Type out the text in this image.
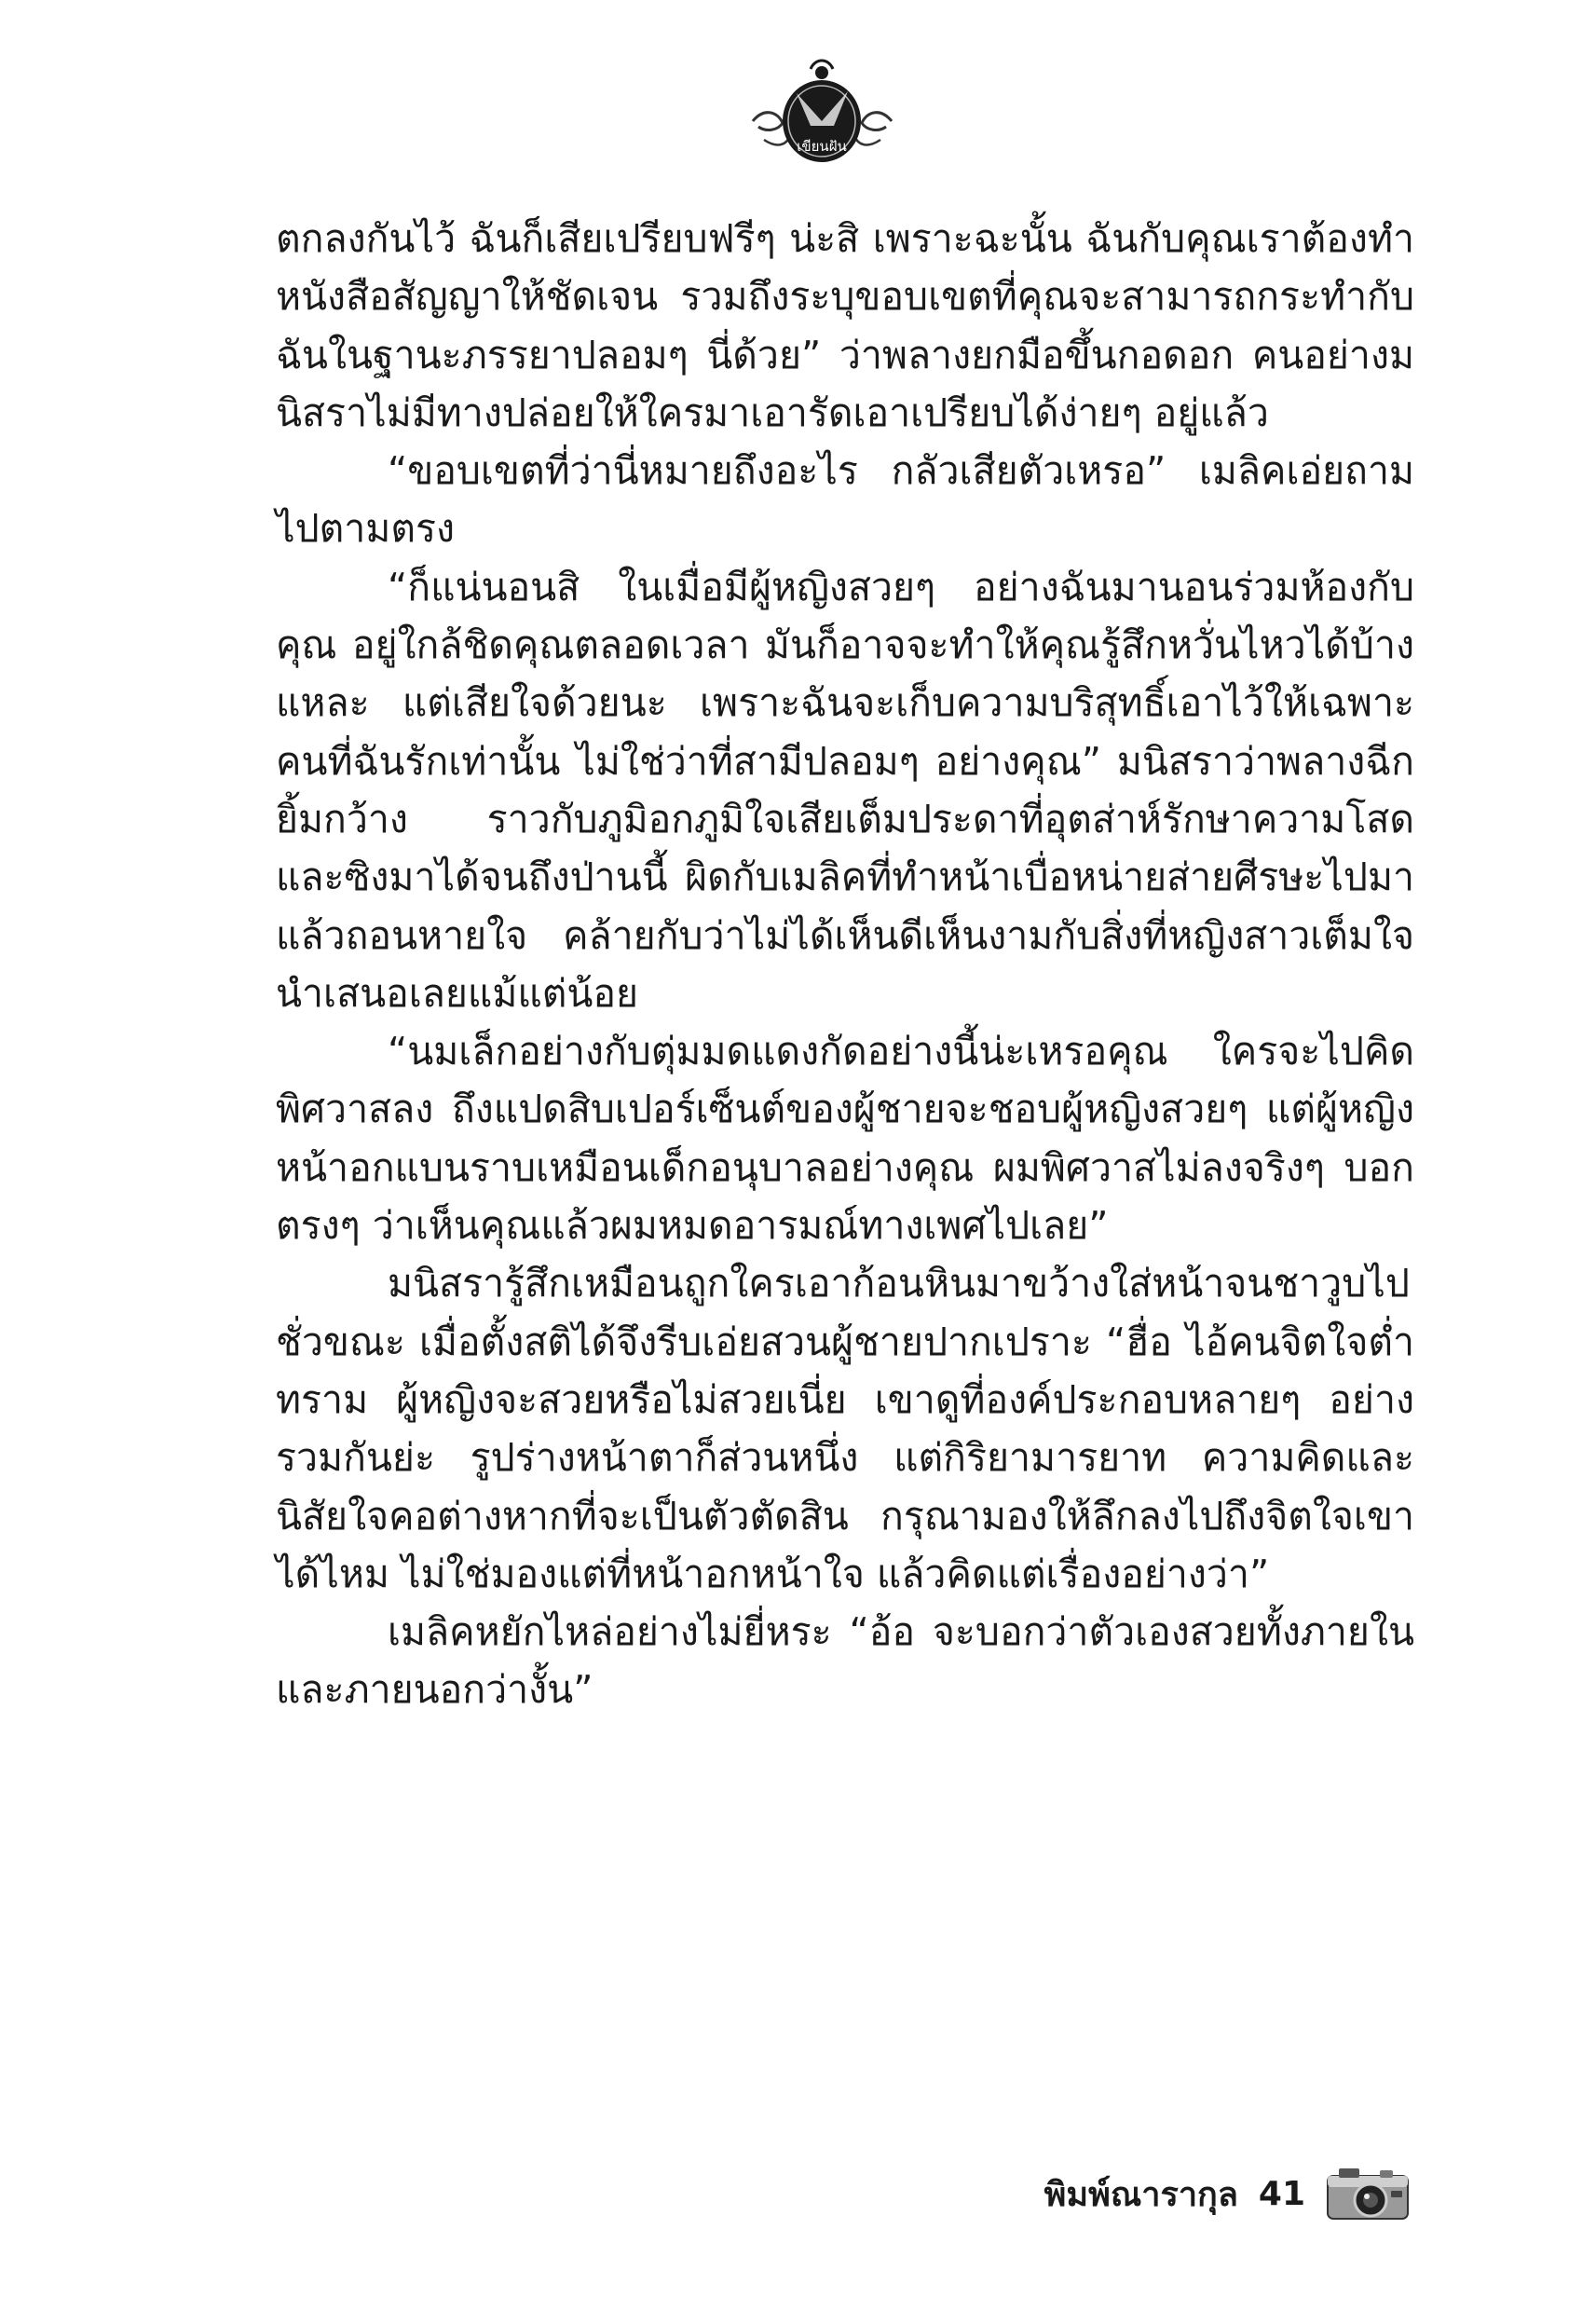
เขียนฝัน

ตกลงกันไว้ ฉันก็เสียเปรียบฟรีๆ น่ะสิ เพราะฉะนั้น ฉันกับคุณเราต้องทำหนังสือสัญญาให้ชัดเจน รวมถึงระบุขอบเขตที่คุณจะสามารถกระทำกับฉันในฐานะภรรยาปลอมๆ นี่ด้วย” ว่าพลางยกมือขึ้นกอดอก คนอย่างมนิสราไม่มีทางปล่อยให้ใครมาเอารัดเอาเปรียบได้ง่ายๆ อยู่แล้ว

“ขอบเขตที่ว่านี่หมายถึงอะไร กลัวเสียตัวเหรอ” เมลิคเอ่ยถามไปตามตรง

“ก็แน่นอนสิ ในเมื่อมีผู้หญิงสวยๆ อย่างฉันมานอนร่วมห้องกับคุณ อยู่ใกล้ชิดคุณตลอดเวลา มันก็อาจจะทำให้คุณรู้สึกหวั่นไหวได้บ้างแหละ แต่เสียใจด้วยนะ เพราะฉันจะเก็บความบริสุทธิ์เอาไว้ให้เฉพาะคนที่ฉันรักเท่านั้น ไม่ใช่ว่าที่สามีปลอมๆ อย่างคุณ” มนิสราว่าพลางฉีกยิ้มกว้าง ราวกับภูมิอกภูมิใจเสียเต็มประดาที่อุตส่าห์รักษาความโสดและซิงมาได้จนถึงป่านนี้ ผิดกับเมลิคที่ทำหน้าเบื่อหน่ายส่ายศีรษะไปมาแล้วถอนหายใจ คล้ายกับว่าไม่ได้เห็นดีเห็นงามกับสิ่งที่หญิงสาวเต็มใจนำเสนอเลยแม้แต่น้อย

“นมเล็กอย่างกับตุ่มมดแดงกัดอย่างนี้น่ะเหรอคุณ ใครจะไปคิดพิศวาสลง ถึงแปดสิบเปอร์เซ็นต์ของผู้ชายจะชอบผู้หญิงสวยๆ แต่ผู้หญิงหน้าอกแบนราบเหมือนเด็กอนุบาลอย่างคุณ ผมพิศวาสไม่ลงจริงๆ บอกตรงๆ ว่าเห็นคุณแล้วผมหมดอารมณ์ทางเพศไปเลย”

มนิสรารู้สึกเหมือนถูกใครเอาก้อนหินมาขว้างใส่หน้าจนชาวูบไปชั่วขณะ เมื่อตั้งสติได้จึงรีบเอ่ยสวนผู้ชายปากเปราะ “ฮื่อ ไอ้คนจิตใจต่ำทราม ผู้หญิงจะสวยหรือไม่สวยเนี่ย เขาดูที่องค์ประกอบหลายๆ อย่างรวมกันย่ะ รูปร่างหน้าตาก็ส่วนหนึ่ง แต่กิริยามารยาท ความคิดและนิสัยใจคอต่างหากที่จะเป็นตัวตัดสิน กรุณามองให้ลึกลงไปถึงจิตใจเขาได้ไหม ไม่ใช่มองแต่ที่หน้าอกหน้าใจ แล้วคิดแต่เรื่องอย่างว่า”

เมลิคหยักไหล่อย่างไม่ยี่หระ “อ้อ จะบอกว่าตัวเองสวยทั้งภายในและภายนอกว่างั้น”

พิมพ์ณารากุล 41
